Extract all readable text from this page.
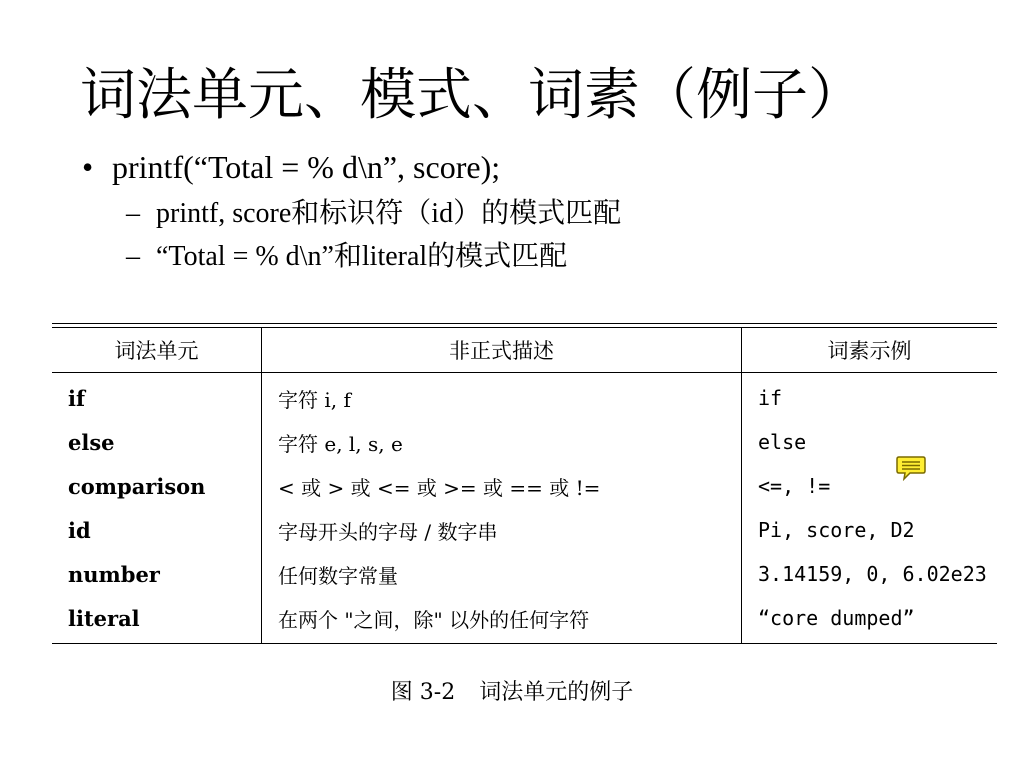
词法单元、模式、词素（例子）
• printf(“Total = % d\n”, score);
– printf, score和标识符（id）的模式匹配
– “Total = % d\n”和literal的模式匹配
词法单元	非正式描述	词素示例
if	字符 i, f	if
else	字符 e, l, s, e	else
comparison	< 或 > 或 <= 或 >= 或 == 或 !=	<=, !=
id	字母开头的字母 / 数字串	Pi, score, D2
number	任何数字常量	3.14159, 0, 6.02e23
literal	在两个 "之间，除" 以外的任何字符	“core dumped”
图 3-2 词法单元的例子
